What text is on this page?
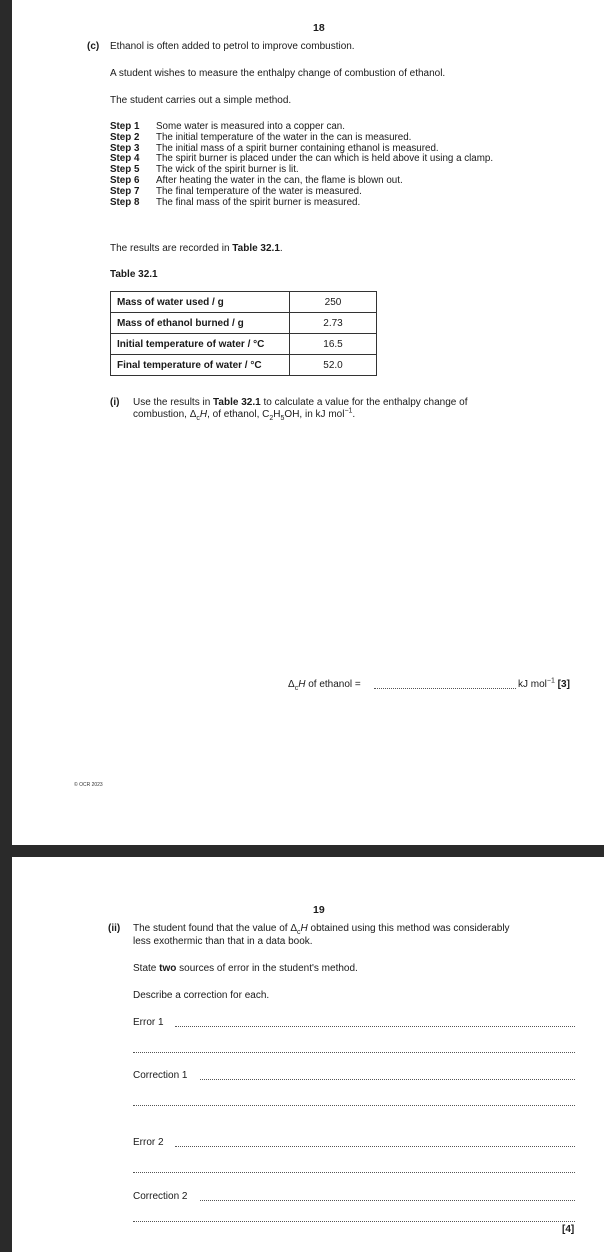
18
(c) Ethanol is often added to petrol to improve combustion.
A student wishes to measure the enthalpy change of combustion of ethanol.
The student carries out a simple method.
Step 1	Some water is measured into a copper can.
Step 2	The initial temperature of the water in the can is measured.
Step 3	The initial mass of a spirit burner containing ethanol is measured.
Step 4	The spirit burner is placed under the can which is held above it using a clamp.
Step 5	The wick of the spirit burner is lit.
Step 6	After heating the water in the can, the flame is blown out.
Step 7	The final temperature of the water is measured.
Step 8	The final mass of the spirit burner is measured.
The results are recorded in Table 32.1.
Table 32.1
Mass of water used / g	250
Mass of ethanol burned / g	2.73
Initial temperature of water / °C	16.5
Final temperature of water / °C	52.0
(i) Use the results in Table 32.1 to calculate a value for the enthalpy change of
combustion, $\Delta_cH$, of ethanol, $C_2H_5OH$, in kJ mol$^{-1}$.
$\Delta_cH$ of ethanol =	kJ mol$^{-1}$ [3]
© OCR 2023
19
(ii) The student found that the value of $\Delta_cH$ obtained using this method was considerably
less exothermic than that in a data book.
State two sources of error in the student's method.
Describe a correction for each.
Error 1
Correction 1
Error 2
Correction 2
[4]
